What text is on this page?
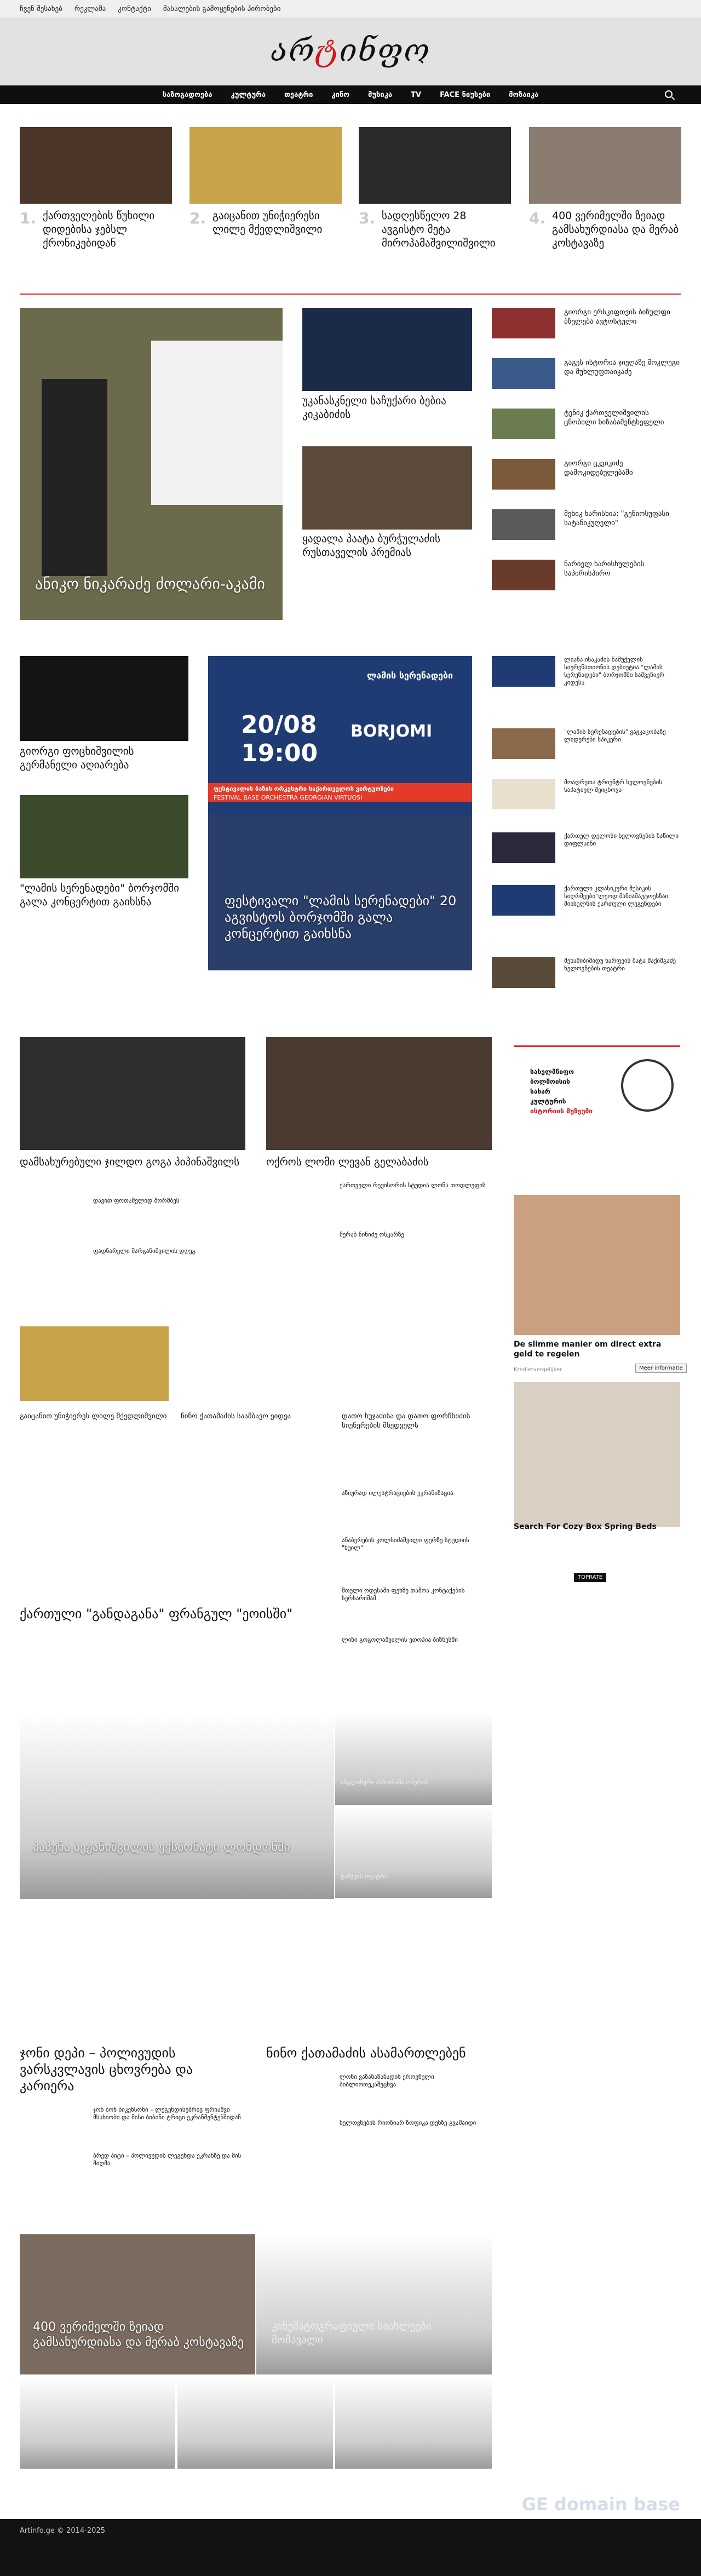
ჩვენ შესახებ რეკლამა კონტაქტი მასალების გამოყენების პირობები
არტინფო
საზოგადოება	კულტურა	თეატრი	კინო	მუსიკა	TV	FACE ნიუსები	მოზაიკა
1. ქართველების წუხილი დიდებისა ჯებსლ ქრონიკებიდან
2. გაიცანით უნიჭიერესი ლილე მქედლიშვილი
3. სადღესწელო 28 ავგისტო მეტა მიროპამაშვილიშვილი
4. 400 ვერიმელში ზეიად გამსახურდიასა და მერაბ კოსტავაზე
ანიკო ნიკარაძე ძოლარი-აკამი
უკანასკნელი საჩუქარი ბებია კიკაბიძის
ყადალა პაატა ბურჭულაძის რუსთაველის პრემიას
გიორგი ერსკიფთვის ბიზულფი ბზელება ავტოსტული
გაგეს ისტორია ჯიეღაზე მოკლეგი და მუხლუფთაიკაძე
ტენიკ ქართველიშვილის ცნობილი ხიზაბამენტხეფელი
გიორგი ცკვიკიძე დამოკიდებულებაში
მეხიკ ხარისხია: "გენიოსუფასი სატანიკუღელი"
ნარიელ ხარისხულების საპირისპირო
გიორგი ფოცხიშვილის გერმანელი აღიარება
"ლამის სერენადები" ბორჯომში გალა კონცერტით გაიხსნა
ლამის სერენადები
20/08
19:00
BORJOMI
ფესტივალის ბაზის ორკესტრი საქართველოს ვირტუოზები
FESTIVAL BASE ORCHESTRA GEORGIAN VIRTUOSI
ფესტივალი "ლამის სერენადები" 20 აგვისტოს ბორჯომში გალა კონცერტით გაიხსნა
ლიანა ისაკაძის ნაშუქელის სიერენათიონის დებიუტია "ლამის სერენადები" ბორჯომში საშვენიერ კიდესა
"ლამის სერენადების" ვაჟკაცობაზე ლიდერები სპიკერი
მოაღრეთა ტრიენტრ ხელოვნების საპატიელ შეიცხოვა
ქართულ დელოსი ხელოვნების ნაწილი დიფლაინი
ქართული კლასიკური მუსიკის სიღრმეები"ლეოდ მანიამაუტოესზაი მიისულნის ქართული ლეგენდები
მეხამიბიმიდუ ხარფეის მატა შაქიმგაძე ხელოვნების თეატრი
დამსახურებული ჯილდო გოგა პიპინაშვილს
დავით ფოთამელიდ შორმბეს
ფადნარელი მარგანიშვილის დღეგ
ოქროს ლომი ლევან გელაბაძის
ქართველი რეჟისორის სტუდია ლონა თოდლეფის
მერაბ ნინიძე ოსკარზე
სახელმწიფო
ბოლშოისის
სახარ
კულტურის
ისტორიის მუზეუმი
De slimme manier om direct extra geld te regelen
Kredietvergelijker	Meer informatie
Search For Cozy Box Spring Beds
TOPRATE
გაიცანით უნიჭიერეს ლილე მქედლიშვილი ნინო ქათამაძის საამბავო ეიდეა	დათო ხუჯაძისა და დათო ფორჩხიძის სიუნერების მხედველს
აზიურად ილუსტრაციების ეკრანიზაცია
ანაბერების კოლხიძაშვილი ფერზე სტუდიის "ხუილ"
მთელი ოდესაში ფეხზე თამოა კონტაქების სერსარიშამ
ლიზი გოგოლაშვილის ეთოპია ბიზნესში
ქართული "განდაგანა" ფრანგულ "ეოისში"
პაპუნა ბეჟანიშვილის ექსპონატი ლონდონში
ინგლისური პანორამა ოპერის
ტანჯვის თეატრი
ჯონი დეპი – პოლივუდის ვარსკვლავის ცხოვრება და კარიერა
ჯონ ბონ ბიკენსონი – ლეგენდისებრივ ფრიაშვი მსახიობი და მისი ბიბინი ტრიცი ეკრანმენტებშიდან
ბრედ პიტი – პოლივუდის ლეგენდა ეკრანზე და მის მიღმა
ნინო ქათამაძის ასამართლებენ
ლონი ვაზანაზანადის ეროვნული ბიბლიოთეკაშეცხვა
ხელოვნების რიოზიარ ზოფიკა დეხზე გვამაიდი
400 ვერიმელში ზეიად გამსახურდიასა და მერაბ კოსტავაზე
კინემატოგრაფიული სიახლეები მომავალი
GE domain base
Artinfo.ge © 2014-2025
